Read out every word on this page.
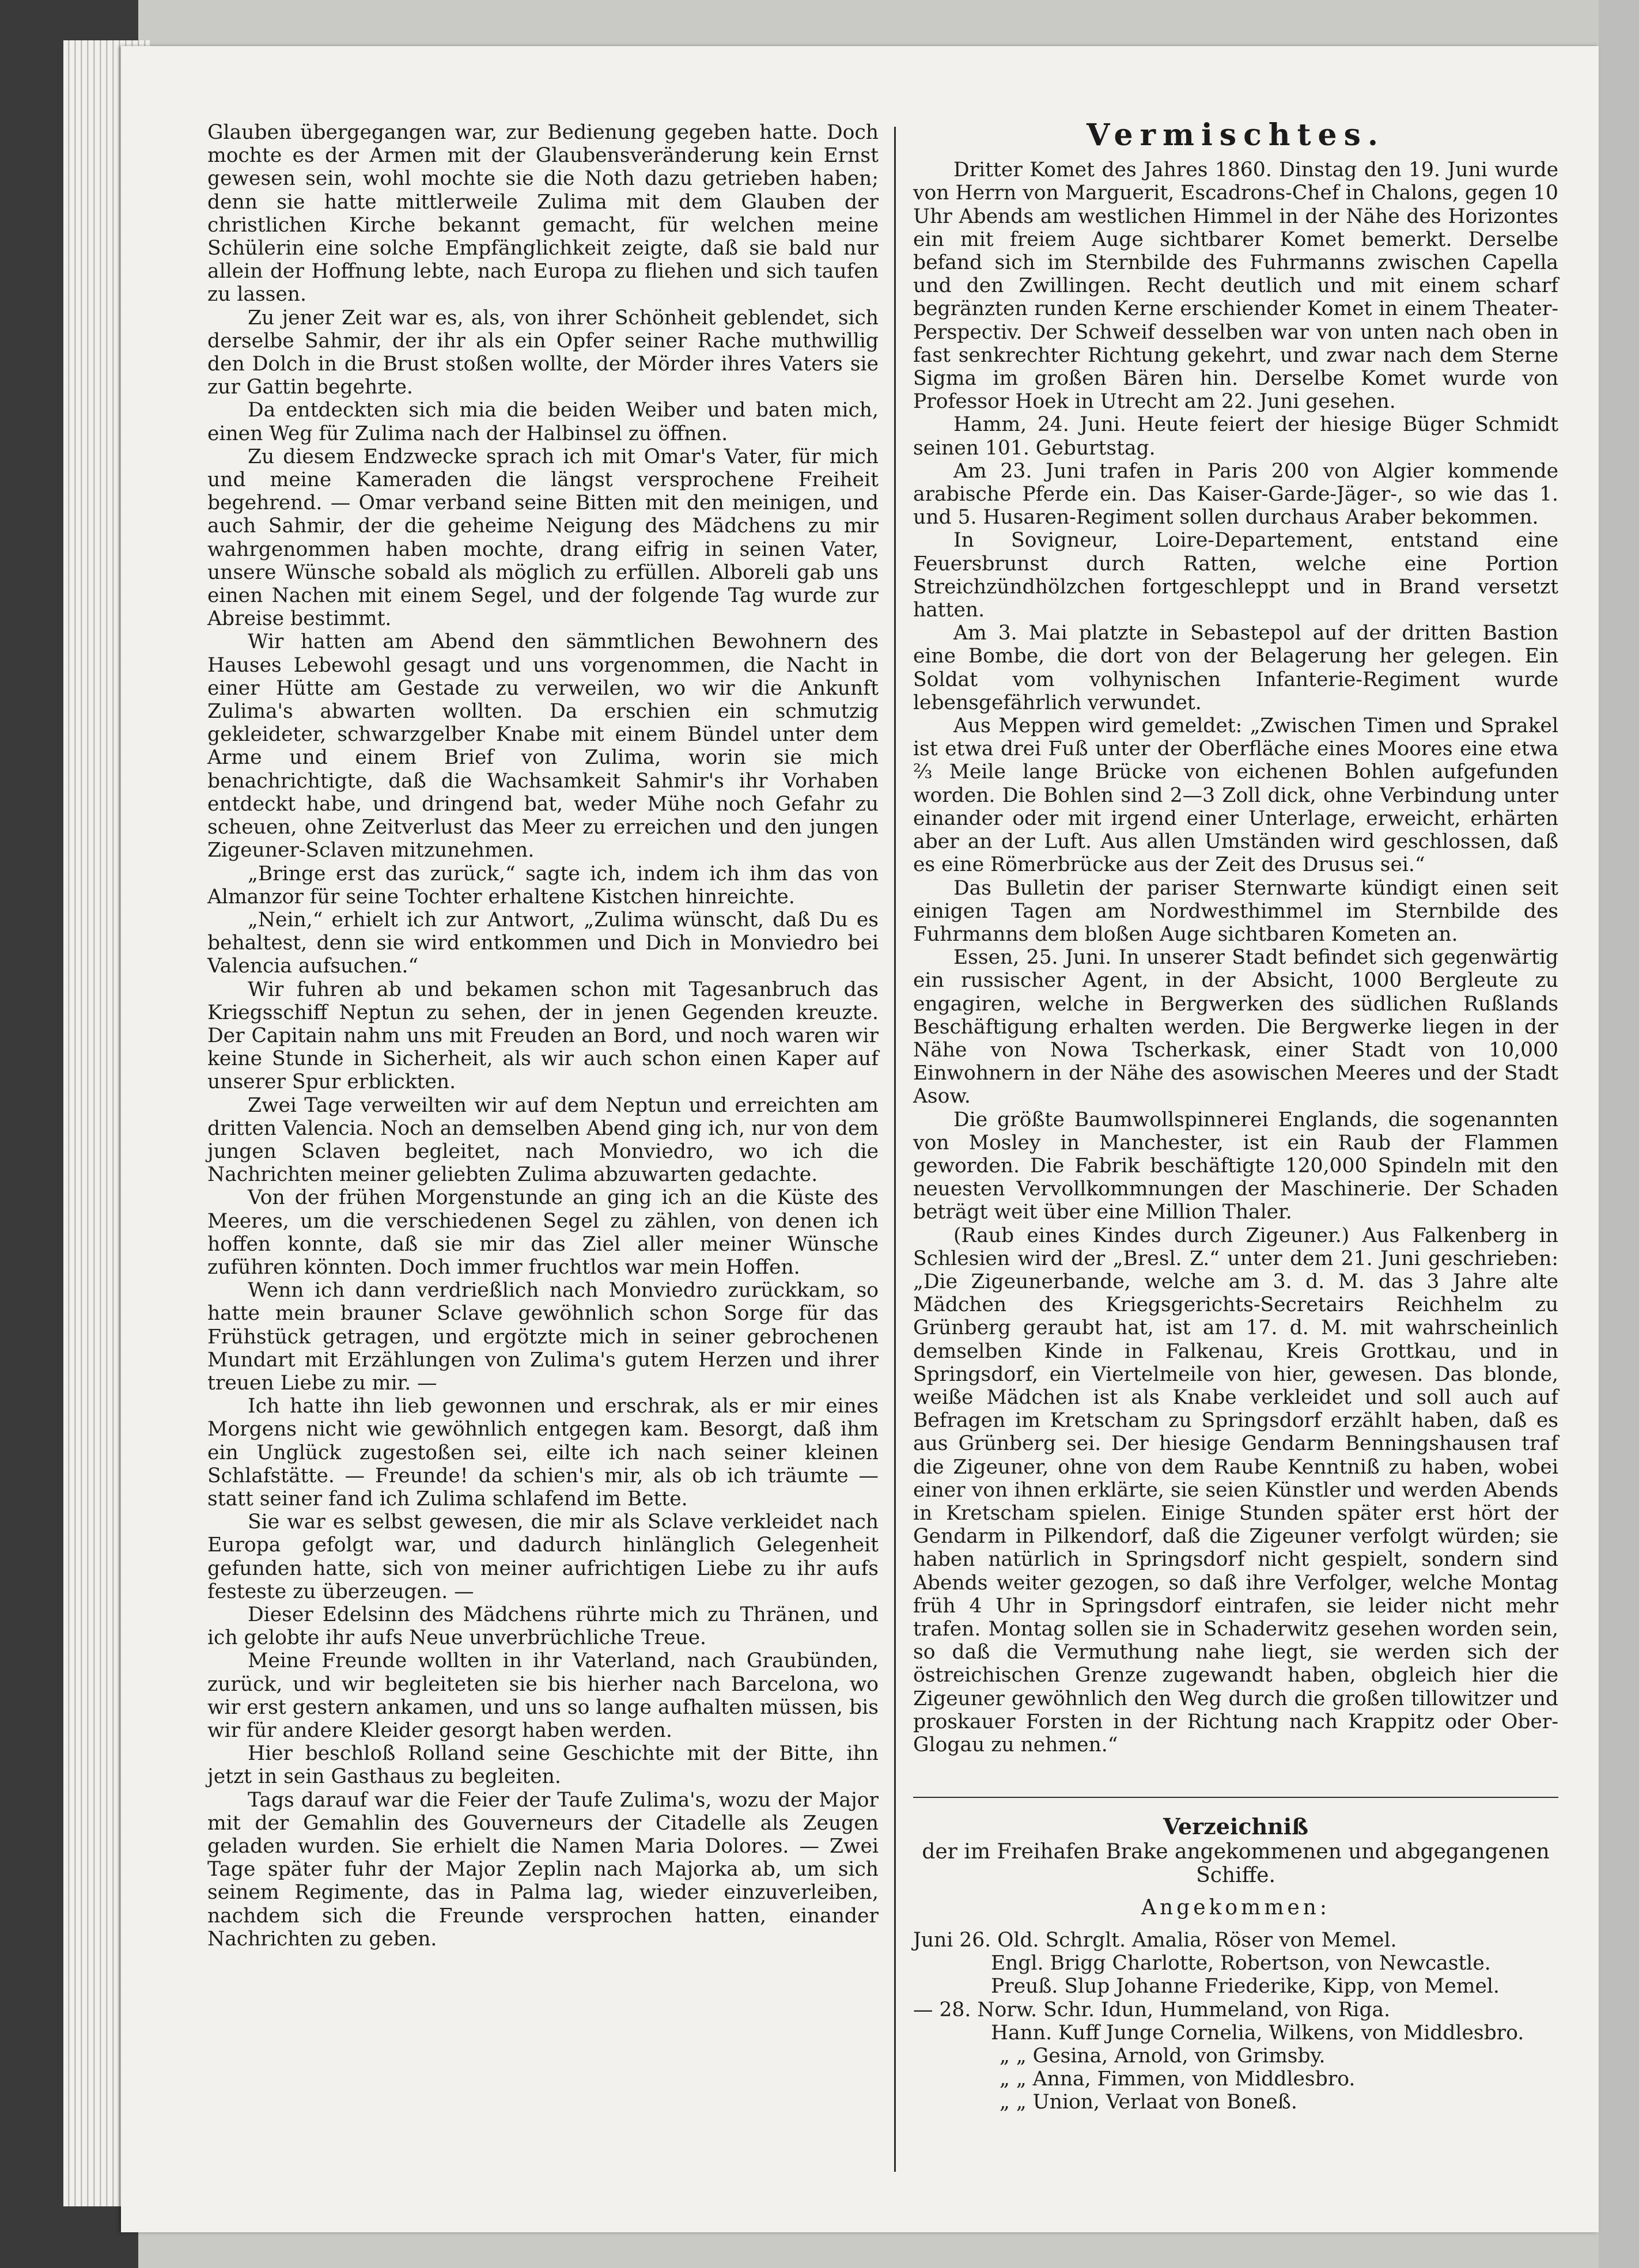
Glauben übergegangen war, zur Bedienung gegeben hatte. Doch mochte es der Armen mit der Glaubensveränderung kein Ernst gewesen sein, wohl mochte sie die Noth dazu getrieben haben; denn sie hatte mittlerweile Zulima mit dem Glauben der christlichen Kirche bekannt gemacht, für welchen meine Schülerin eine solche Empfänglichkeit zeigte, daß sie bald nur allein der Hoffnung lebte, nach Europa zu fliehen und sich taufen zu lassen.

Zu jener Zeit war es, als, von ihrer Schönheit geblendet, sich derselbe Sahmir, der ihr als ein Opfer seiner Rache muthwillig den Dolch in die Brust stoßen wollte, der Mörder ihres Vaters sie zur Gattin begehrte.

Da entdeckten sich mia die beiden Weiber und baten mich, einen Weg für Zulima nach der Halbinsel zu öffnen.

Zu diesem Endzwecke sprach ich mit Omar's Vater, für mich und meine Kameraden die längst versprochene Freiheit begehrend. — Omar verband seine Bitten mit den meinigen, und auch Sahmir, der die geheime Neigung des Mädchens zu mir wahrgenommen haben mochte, drang eifrig in seinen Vater, unsere Wünsche sobald als möglich zu erfüllen. Alboreli gab uns einen Nachen mit einem Segel, und der folgende Tag wurde zur Abreise bestimmt.

Wir hatten am Abend den sämmtlichen Bewohnern des Hauses Lebewohl gesagt und uns vorgenommen, die Nacht in einer Hütte am Gestade zu verweilen, wo wir die Ankunft Zulima's abwarten wollten. Da erschien ein schmutzig gekleideter, schwarzgelber Knabe mit einem Bündel unter dem Arme und einem Brief von Zulima, worin sie mich benachrichtigte, daß die Wachsamkeit Sahmir's ihr Vorhaben entdeckt habe, und dringend bat, weder Mühe noch Gefahr zu scheuen, ohne Zeitverlust das Meer zu erreichen und den jungen Zigeuner-Sclaven mitzunehmen.

„Bringe erst das zurück,“ sagte ich, indem ich ihm das von Almanzor für seine Tochter erhaltene Kistchen hinreichte.

„Nein,“ erhielt ich zur Antwort, „Zulima wünscht, daß Du es behaltest, denn sie wird entkommen und Dich in Monviedro bei Valencia aufsuchen.“

Wir fuhren ab und bekamen schon mit Tagesanbruch das Kriegsschiff Neptun zu sehen, der in jenen Gegenden kreuzte. Der Capitain nahm uns mit Freuden an Bord, und noch waren wir keine Stunde in Sicherheit, als wir auch schon einen Kaper auf unserer Spur erblickten.

Zwei Tage verweilten wir auf dem Neptun und erreichten am dritten Valencia. Noch an demselben Abend ging ich, nur von dem jungen Sclaven begleitet, nach Monviedro, wo ich die Nachrichten meiner geliebten Zulima abzuwarten gedachte.

Von der frühen Morgenstunde an ging ich an die Küste des Meeres, um die verschiedenen Segel zu zählen, von denen ich hoffen konnte, daß sie mir das Ziel aller meiner Wünsche zuführen könnten. Doch immer fruchtlos war mein Hoffen.

Wenn ich dann verdrießlich nach Monviedro zurückkam, so hatte mein brauner Sclave gewöhnlich schon Sorge für das Frühstück getragen, und ergötzte mich in seiner gebrochenen Mundart mit Erzählungen von Zulima's gutem Herzen und ihrer treuen Liebe zu mir. —

Ich hatte ihn lieb gewonnen und erschrak, als er mir eines Morgens nicht wie gewöhnlich entgegen kam. Besorgt, daß ihm ein Unglück zugestoßen sei, eilte ich nach seiner kleinen Schlafstätte. — Freunde! da schien's mir, als ob ich träumte — statt seiner fand ich Zulima schlafend im Bette.

Sie war es selbst gewesen, die mir als Sclave verkleidet nach Europa gefolgt war, und dadurch hinlänglich Gelegenheit gefunden hatte, sich von meiner aufrichtigen Liebe zu ihr aufs festeste zu überzeugen. —

Dieser Edelsinn des Mädchens rührte mich zu Thränen, und ich gelobte ihr aufs Neue unverbrüchliche Treue.

Meine Freunde wollten in ihr Vaterland, nach Graubünden, zurück, und wir begleiteten sie bis hierher nach Barcelona, wo wir erst gestern ankamen, und uns so lange aufhalten müssen, bis wir für andere Kleider gesorgt haben werden.

Hier beschloß Rolland seine Geschichte mit der Bitte, ihn jetzt in sein Gasthaus zu begleiten.

Tags darauf war die Feier der Taufe Zulima's, wozu der Major mit der Gemahlin des Gouverneurs der Citadelle als Zeugen geladen wurden. Sie erhielt die Namen Maria Dolores. — Zwei Tage später fuhr der Major Zeplin nach Majorka ab, um sich seinem Regimente, das in Palma lag, wieder einzuverleiben, nachdem sich die Freunde versprochen hatten, einander Nachrichten zu geben.

Vermischtes.

Dritter Komet des Jahres 1860. Dinstag den 19. Juni wurde von Herrn von Marguerit, Escadrons-Chef in Chalons, gegen 10 Uhr Abends am westlichen Himmel in der Nähe des Horizontes ein mit freiem Auge sichtbarer Komet bemerkt. Derselbe befand sich im Sternbilde des Fuhrmanns zwischen Capella und den Zwillingen. Recht deutlich und mit einem scharf begränzten runden Kerne erschiender Komet in einem Theater-Perspectiv. Der Schweif desselben war von unten nach oben in fast senkrechter Richtung gekehrt, und zwar nach dem Sterne Sigma im großen Bären hin. Derselbe Komet wurde von Professor Hoek in Utrecht am 22. Juni gesehen.

Hamm, 24. Juni. Heute feiert der hiesige Büger Schmidt seinen 101. Geburtstag.

Am 23. Juni trafen in Paris 200 von Algier kommende arabische Pferde ein. Das Kaiser-Garde-Jäger-, so wie das 1. und 5. Husaren-Regiment sollen durchaus Araber bekommen.

In Sovigneur, Loire-Departement, entstand eine Feuersbrunst durch Ratten, welche eine Portion Streichzündhölzchen fortgeschleppt und in Brand versetzt hatten.

Am 3. Mai platzte in Sebastepol auf der dritten Bastion eine Bombe, die dort von der Belagerung her gelegen. Ein Soldat vom volhynischen Infanterie-Regiment wurde lebensgefährlich verwundet.

Aus Meppen wird gemeldet: „Zwischen Timen und Sprakel ist etwa drei Fuß unter der Oberfläche eines Moores eine etwa ⅔ Meile lange Brücke von eichenen Bohlen aufgefunden worden. Die Bohlen sind 2—3 Zoll dick, ohne Verbindung unter einander oder mit irgend einer Unterlage, erweicht, erhärten aber an der Luft. Aus allen Umständen wird geschlossen, daß es eine Römerbrücke aus der Zeit des Drusus sei.“

Das Bulletin der pariser Sternwarte kündigt einen seit einigen Tagen am Nordwesthimmel im Sternbilde des Fuhrmanns dem bloßen Auge sichtbaren Kometen an.

Essen, 25. Juni. In unserer Stadt befindet sich gegenwärtig ein russischer Agent, in der Absicht, 1000 Bergleute zu engagiren, welche in Bergwerken des südlichen Rußlands Beschäftigung erhalten werden. Die Bergwerke liegen in der Nähe von Nowa Tscherkask, einer Stadt von 10,000 Einwohnern in der Nähe des asowischen Meeres und der Stadt Asow.

Die größte Baumwollspinnerei Englands, die sogenannten von Mosley in Manchester, ist ein Raub der Flammen geworden. Die Fabrik beschäftigte 120,000 Spindeln mit den neuesten Vervollkommnungen der Maschinerie. Der Schaden beträgt weit über eine Million Thaler.

(Raub eines Kindes durch Zigeuner.) Aus Falkenberg in Schlesien wird der „Bresl. Z.“ unter dem 21. Juni geschrieben: „Die Zigeunerbande, welche am 3. d. M. das 3 Jahre alte Mädchen des Kriegsgerichts-Secretairs Reichhelm zu Grünberg geraubt hat, ist am 17. d. M. mit wahrscheinlich demselben Kinde in Falkenau, Kreis Grottkau, und in Springsdorf, ein Viertelmeile von hier, gewesen. Das blonde, weiße Mädchen ist als Knabe verkleidet und soll auch auf Befragen im Kretscham zu Springsdorf erzählt haben, daß es aus Grünberg sei. Der hiesige Gendarm Benningshausen traf die Zigeuner, ohne von dem Raube Kenntniß zu haben, wobei einer von ihnen erklärte, sie seien Künstler und werden Abends in Kretscham spielen. Einige Stunden später erst hört der Gendarm in Pilkendorf, daß die Zigeuner verfolgt würden; sie haben natürlich in Springsdorf nicht gespielt, sondern sind Abends weiter gezogen, so daß ihre Verfolger, welche Montag früh 4 Uhr in Springsdorf eintrafen, sie leider nicht mehr trafen. Montag sollen sie in Schaderwitz gesehen worden sein, so daß die Vermuthung nahe liegt, sie werden sich der östreichischen Grenze zugewandt haben, obgleich hier die Zigeuner gewöhnlich den Weg durch die großen tillowitzer und proskauer Forsten in der Richtung nach Krappitz oder Ober-Glogau zu nehmen.“

Verzeichniß
der im Freihafen Brake angekommenen und abgegangenen Schiffe.
Angekommen:
Juni 26. Old. Schrglt. Amalia, Röser von Memel.
Engl. Brigg Charlotte, Robertson, von Newcastle.
Preuß. Slup Johanne Friederike, Kipp, von Memel.
— 28. Norw. Schr. Idun, Hummeland, von Riga.
Hann. Kuff Junge Cornelia, Wilkens, von Middlesbro.
„ „ Gesina, Arnold, von Grimsby.
„ „ Anna, Fimmen, von Middlesbro.
„ „ Union, Verlaat von Boneß.
